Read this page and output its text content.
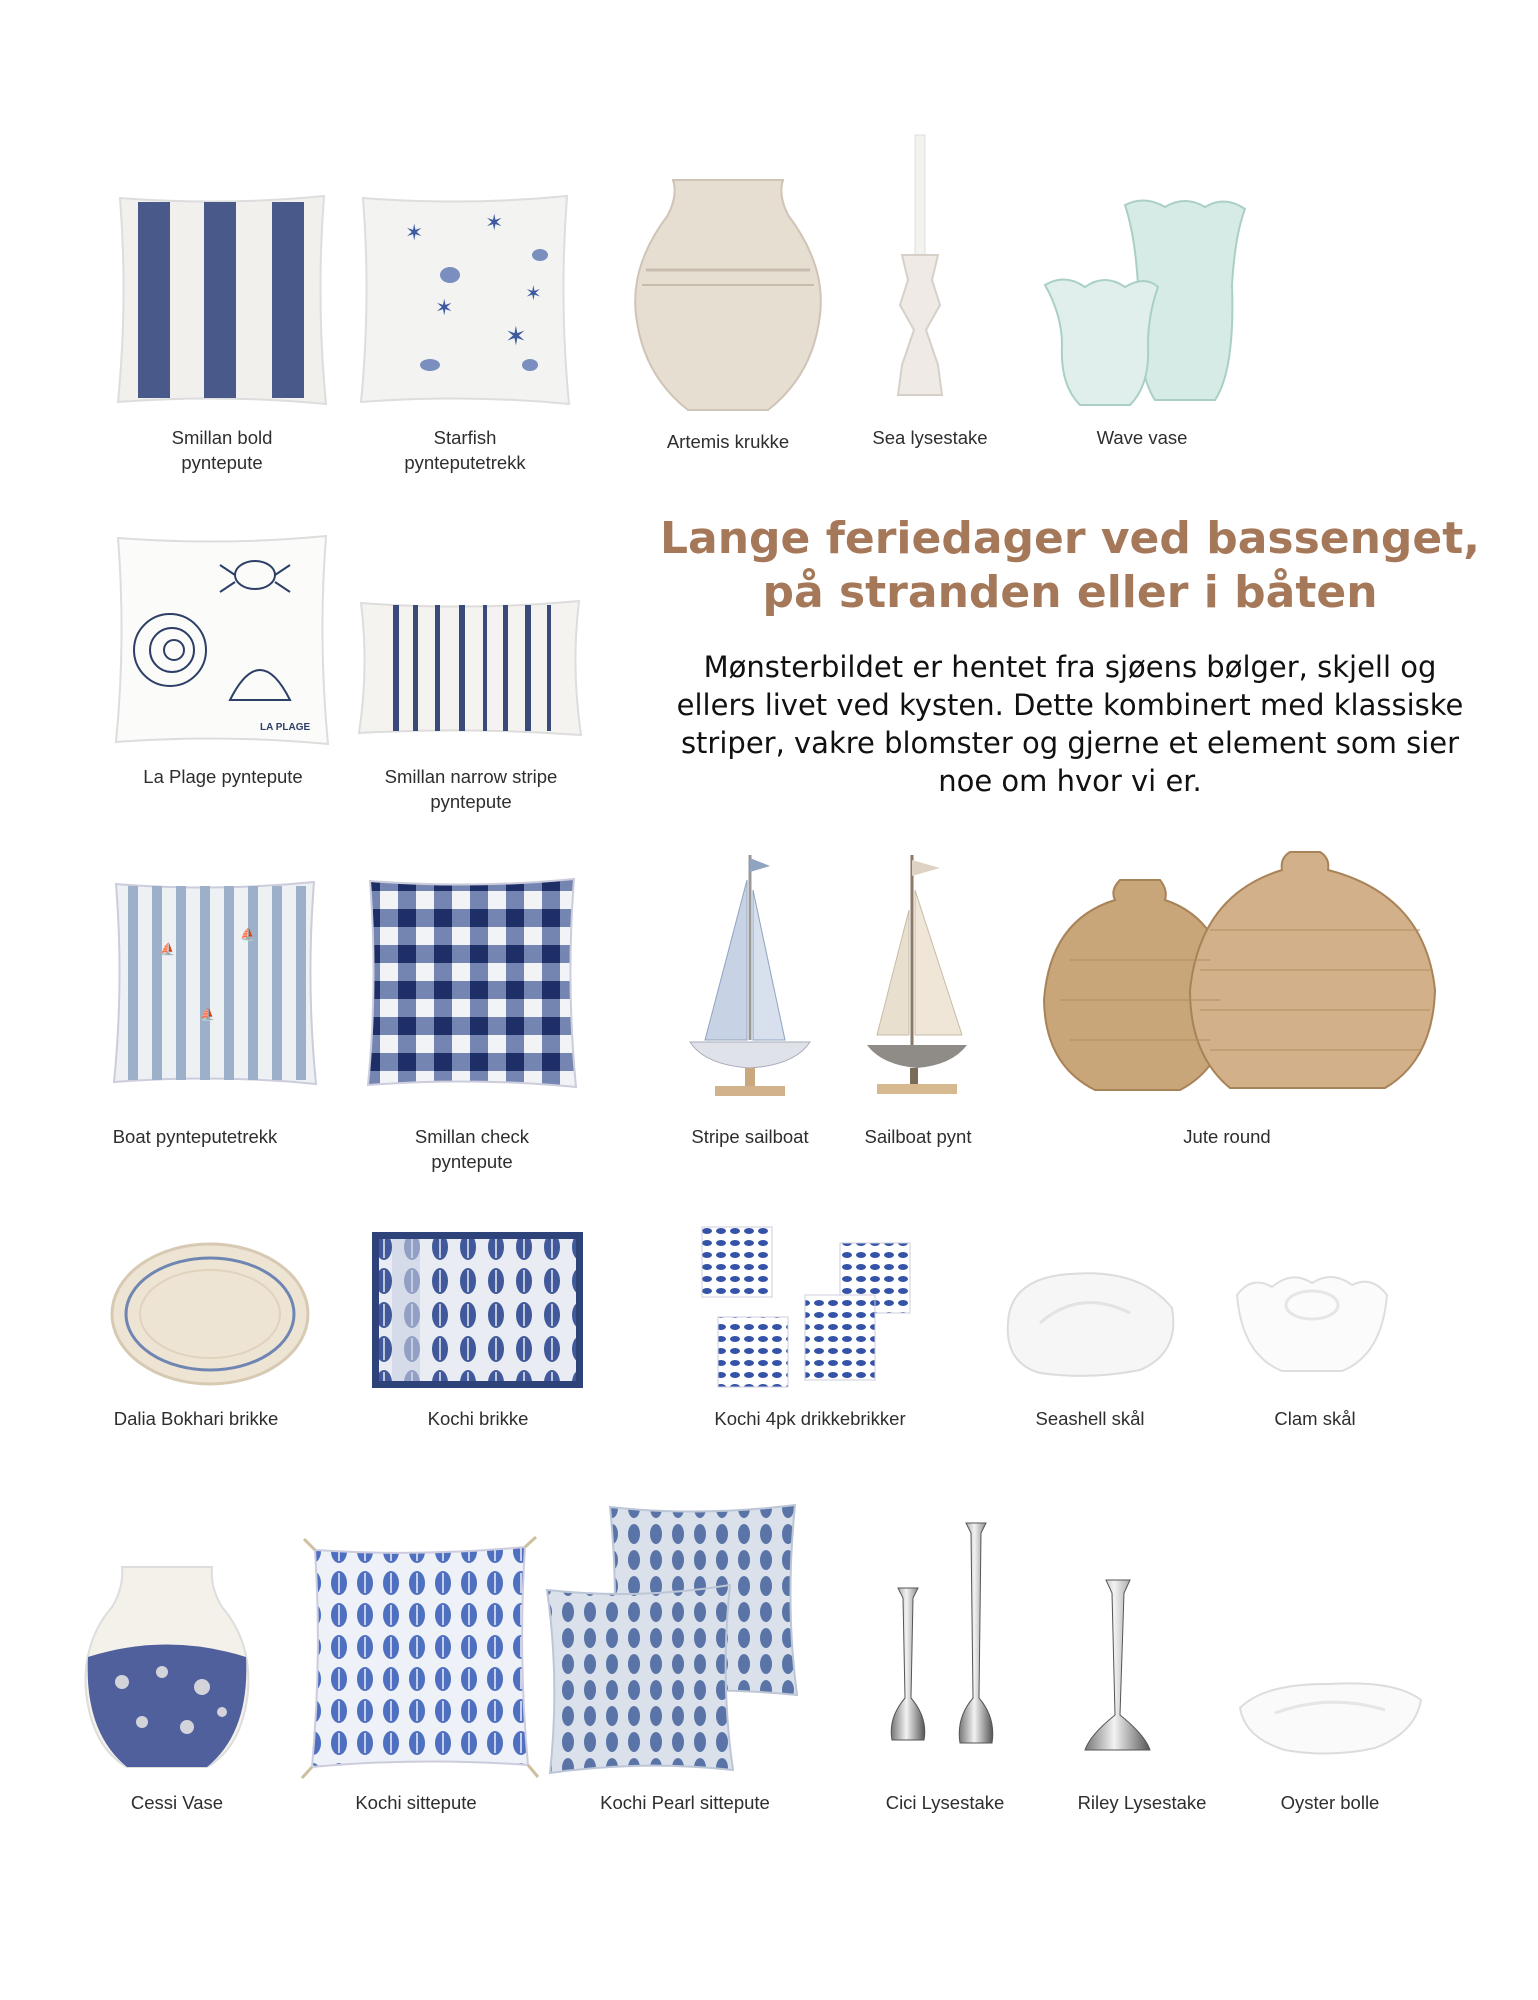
Smillan bold
pyntepute
✶	✶
✶
✶
✶
Starfish
pynteputetrekk
Artemis krukke	Sea lysestake	Wave vase
LA PLAGE
La Plage pyntepute	Smillan narrow stripe
pyntepute
Lange feriedager ved bassenget,
på stranden eller i båten
Mønsterbildet er hentet fra sjøens bølger, skjell og ellers livet ved kysten. Dette kombinert med klassiske striper, vakre blomster og gjerne et element som sier noe om hvor vi er.
⛵
⛵
⛵
Boat pynteputetrekk	Smillan check
pyntepute
Stripe sailboat	Sailboat pynt	Jute round
Dalia Bokhari brikke	Kochi brikke	Kochi 4pk drikkebrikker	Seashell skål	Clam skål
Cessi Vase	Kochi sittepute	Kochi Pearl sittepute	Cici Lysestake	Riley Lysestake	Oyster bolle
